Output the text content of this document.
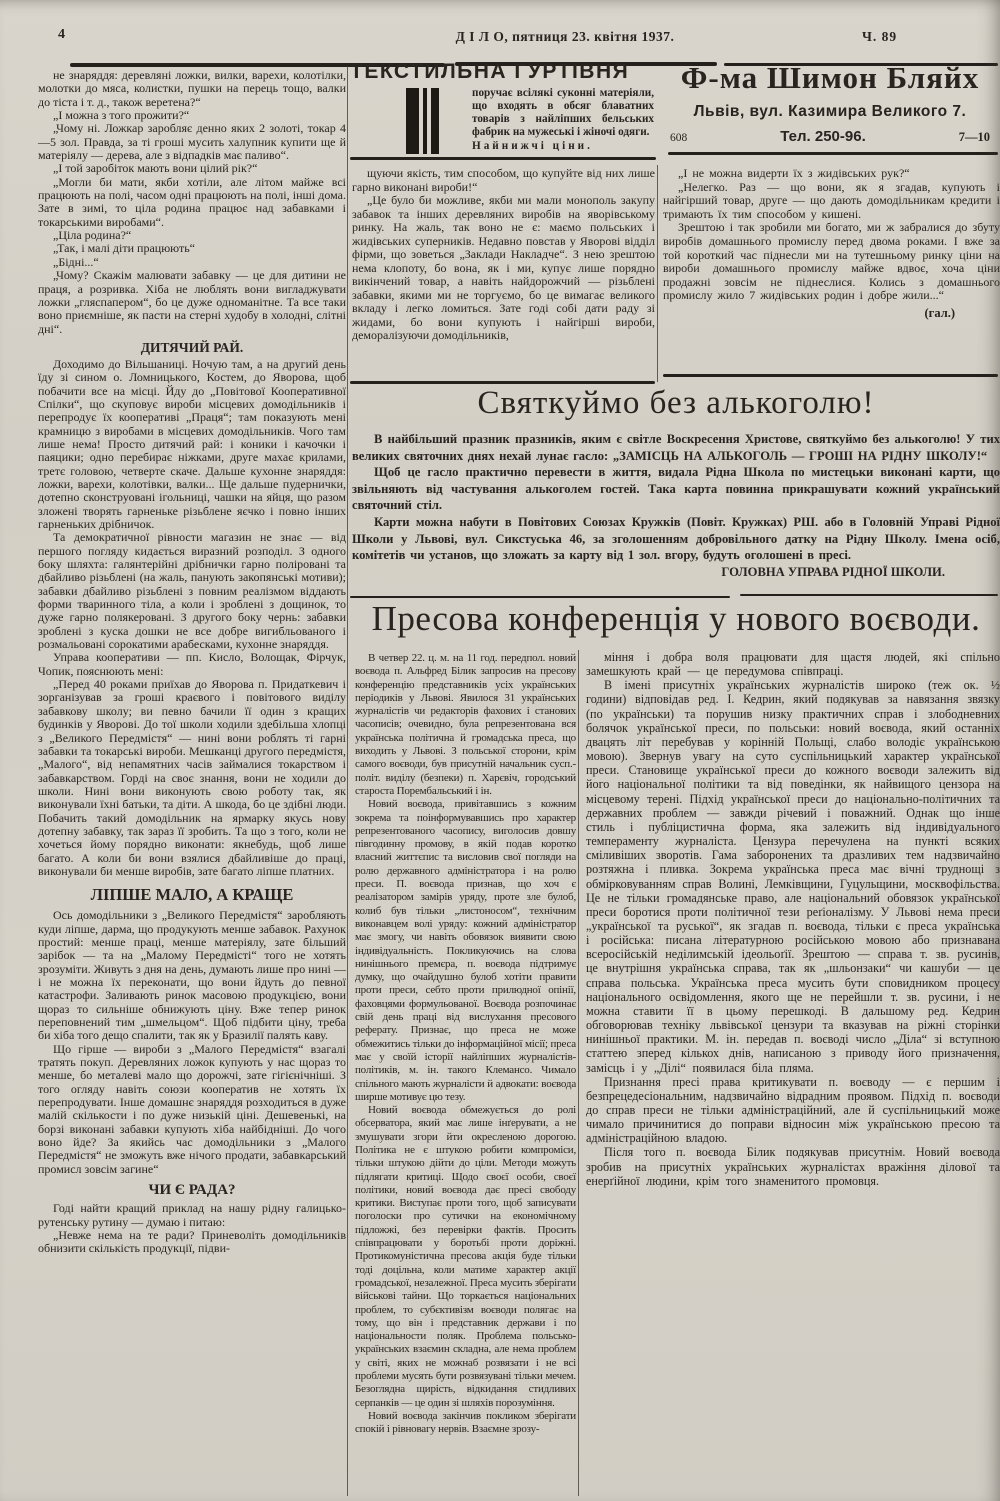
4	Д І Л О, пятниця 23. квітня 1937.	Ч. 89

не знаряддя: деревляні ложки, вилки, варехи, колотілки, молотки до мяса, колистки, пушки на перець тощо, валки до тіста і т. д., також веретена?“

„І можна з того прожити?“

„Чому ні. Ложкар заробляє денно яких 2 золоті, токар 4—5 зол. Правда, за ті гроші мусить халупник купити ще й матеріялу — дерева, але з відпадків має паливо“.

„І той заробіток мають вони цілий рік?“

„Могли би мати, якби хотіли, але літом майже всі працюють на полі, часом одні працюють на полі, інші дома. Зате в зимі, то ціла родина працює над забавками і токарськими виробами“.

„Ціла родина?“

„Так, і малі діти працюють“

„Бідні...“

„Чому? Скажім малювати забавку — це для дитини не праця, а розривка. Хіба не люблять вони вигладжувати ложки „гляспапером“, бо це дуже одноманітне. Та все таки воно приємніше, як пасти на стерні худобу в холодні, слітні дні“.

ДИТЯЧИЙ РАЙ.

Доходимо до Вільшаниці. Ночую там, а на другий день їду зі сином о. Ломницького, Костем, до Яворова, щоб побачити все на місці. Йду до „Повітової Кооперативної Спілки“, що скуповує вироби місцевих домодільників і перепродує їх кооперативі „Праця“; там показують мені крамницю з виробами в місцевих домодільників. Чого там лише нема! Просто дитячий рай: і коники і качочки і паяцики; одно перебирає ніжками, друге махає крилами, третє головою, четверте скаче. Дальше кухонне знаряддя: ложки, варехи, колотівки, валки... Ще дальше пудернички, дотепно сконструовані ігольниці, чашки на яйця, що разом зложені творять гарненьке різьблене яєчко і повно інших гарненьких дрібничок.

Та демократичної рівности магазин не знає — від першого погляду кидається виразний розподіл. З одного боку шляхта: галянтерійні дрібнички гарно поліровані та дбайливо різьблені (на жаль, панують закопянські мотиви); забавки дбайливо різьблені з повним реалізмом віддають форми тваринного тіла, а коли і зроблені з дощинок, то дуже гарно полякеровані. З другого боку чернь: забавки зроблені з куска дошки не все добре вигибльованого і розмальовані сорокатими арабесками, кухонне знаряддя.

Управа кооперативи — пп. Кисло, Волощак, Фірчук, Чопик, пояснюють мені:

„Перед 40 роками приїхав до Яворова п. Придаткевич і зорганізував за гроші краєвого і повітового виділу забавкову школу; ви певно бачили її один з кращих будинків у Яворові. До тої школи ходили здебільша хлопці з „Великого Передмістя“ — нині вони роблять ті гарні забавки та токарські вироби. Мешканці другого передмістя, „Малого“, від непамятних часів займалися токарством і забавкарством. Горді на своє знання, вони не ходили до школи. Нині вони виконують свою роботу так, як виконували їхні батьки, та діти. А шкода, бо це здібні люди. Побачить такий домодільник на ярмарку якусь нову дотепну забавку, так зараз її зробить. Та що з того, коли не хочеться йому порядно виконати: якнебудь, щоб лише багато. А коли би вони взялися дбайливіше до праці, виконували би менше виробів, зате багато ліпше платних.

ЛІПШЕ МАЛО, А КРАЩЕ

Ось домодільники з „Великого Передмістя“ заробляють куди ліпше, дарма, що продукують менше забавок. Рахунок простий: менше праці, менше матеріялу, зате більший зарібок — та на „Малому Передмісті“ того не хотять зрозуміти. Живуть з дня на день, думають лише про нині — і не можна їх переконати, що вони йдуть до певної катастрофи. Заливають ринок масовою продукцією, вони щораз то сильніше обнижують ціну. Вже тепер ринок переповнений тим „шмельцом“. Щоб підбити ціну, треба би хіба того дещо спалити, так як у Бразилії палять каву.

Що гірше — вироби з „Малого Передмістя“ взагалі тратять покуп. Деревляних ложок купують у нас щораз то менше, бо металеві мало що дорожчі, зате гігієнічніші. З того огляду навіть союзи кооператив не хотять їх перепродувати. Інше домашнє знаряддя розходиться в дуже малій скількости і по дуже низькій ціні. Дешевенькі, на борзі виконані забавки купують хіба найбідніші. До чого воно йде? За якийсь час домодільники з „Малого Передмістя“ не зможуть вже нічого продати, забавкарський промисл зовсім загине“

ЧИ Є РАДА?

Годі найти кращий приклад на нашу рідну галицько-рутенську рутину — думаю і питаю:

„Невже нема на те ради? Приневоліть домодільників обнизити скількість продукції, підви-

ТЕКСТИЛЬНА ГУРТІВНЯ
поручає всілякі суконні матеріяли, що входять в обсяг блаватних товарів з найліпших бельських фабрик на мужеські і жіночі одяги.
Найнижчі ціни.
Ф-ма Шимон Бляйх
Львів, вул. Казимира Великого 7.
608	Тел. 250-96.	7—10

щуючи якість, тим способом, що купуйте від них лише гарно виконані вироби!“

„Це було би можливе, якби ми мали монополь закупу забавок та інших деревляних виробів на яворівському ринку. На жаль, так воно не є: маємо польських і жидівських суперників. Недавно повстав у Яворові відділ фірми, що зоветься „Заклади Накладче“. З нею зрештою нема клопоту, бо вона, як і ми, купує лише порядно викінчений товар, а навіть найдорожчий — різьблені забавки, якими ми не торгуємо, бо це вимагає великого вкладу і легко ломиться. Зате годі собі дати раду зі жидами, бо вони купують і найгірші вироби, деморалізуючи домодільників,

„І не можна видерти їх з жидівських рук?“

„Нелегко. Раз — що вони, як я згадав, купують і найгірший товар, друге — що дають домодільникам кредити і тримають їх тим способом у кишені.

Зрештою і так зробили ми богато, ми ж забралися до збуту виробів домашнього промислу перед двома роками. І вже за той короткий час піднесли ми на тутешньому ринку ціни на вироби домашнього промислу майже вдвоє, хоча ціни продажні зовсім не піднеслися. Колись з домашнього промислу жило 7 жидівських родин і добре жили...“

(гал.)
Святкуймо без алькоголю!

В найбільший празник празників, яким є світле Воскресення Христове, святкуймо без алькоголю! У тих великих святочних днях нехай лунає гасло: „ЗАМІСЦЬ НА АЛЬКОГОЛЬ — ГРОШІ НА РІДНУ ШКОЛУ!“

Щоб це гасло практично перевести в життя, видала Рідна Школа по мистецьки виконані карти, що звільняють від частування алькоголем гостей. Така карта повинна прикрашувати кожний український святочний стіл.

Карти можна набути в Повітових Союзах Кружків (Повіт. Кружках) РШ. або в Головній Управі Рідної Школи у Львові, вул. Сикстуська 46, за зголошенням добровільного датку на Рідну Школу. Імена осіб, комітетів чи установ, що зложать за карту від 1 зол. вгору, будуть оголошені в пресі.

ГОЛОВНА УПРАВА РІДНОЇ ШКОЛИ.
Пресова конференція у нового воєводи.

В четвер 22. ц. м. на 11 год. передпол. новий воєвода п. Альфред Білик запросив на пресову конференцію представників усіх українських періодиків у Львові. Явилося 31 українських журналістів чи редакторів фахових і станових часописів; очевидно, була репрезентована вся українська політична й громадська преса, що виходить у Львові. З польської сторони, крім самого воєводи, був присутній начальник сусп.-політ. виділу (безпеки) п. Харєвіч, городський староста Порембальський і ін.

Новий воєвода, привітавшись з кожним зокрема та поінформувавшись про характер репрезентованого часопису, виголосив довшу півгодинну промову, в якій подав коротко власний життєпис та висловив свої погляди на ролю державного адміністратора і на ролю преси. П. воєвода признав, що хоч є реалізатором замірів уряду, проте зле булоб, колиб був тільки „листоносом“, технічним виконавцем волі уряду: кожний адміністратор має змогу, чи навіть обовязок виявити свою індивідуальність. Покликуючись на слова нинішнього премєра, п. воєвода підтримує думку, що очайдушно булоб хотіти правити проти преси, себто проти прилюдної опінії, фаховцями формульованої. Воєвода розпочинає свій день праці від вислухання пресового реферату. Признає, що преса не може обмежитись тільки до інформаційної місії; преса має у своїй історії найліпших журналістів-політиків, м. ін. такого Клемансо. Чимало спільного мають журналісти й адвокати: воєвода ширше мотивує цю тезу.

Новий воєвода обмежується до ролі обсерватора, який має лише інґерувати, а не змушувати згори йти окресленою дорогою. Політика не є штукою робити компроміси, тільки штукою дійти до ціли. Методи можуть підлягати критиці. Щодо своєї особи, своєї політики, новий воєвода дає пресі свободу критики. Виступає проти того, щоб записувати поголоски про сутички на економічному підложжі, без перевірки фактів. Просить співпрацювати у боротьбі проти доріжні. Протикомуністична пресова акція буде тільки тоді доцільна, коли матиме характер акції громадської, незалежної. Преса мусить зберігати військові тайни. Що торкається національних проблем, то субєктивізм воєводи полягає на тому, що він і представник держави і по національности поляк. Проблема польсько-українських взаємин складна, але нема проблем у світі, яких не можнаб розвязати і не всі проблеми мусять бути розвязувані тільки мечем. Безоглядна щирість, відкидання стидливих серпанків — це один зі шляхів порозуміння.

Новий воєвода закінчив покликом зберігати спокій і рівновагу нервів. Взаємне зрозу-

міння і добра воля працювати для щастя людей, які спільно замешкують край — це передумова співпраці.

В імені присутніх українських журналістів широко (теж ок. ½ години) відповідав ред. І. Кедрин, який подякував за навязання звязку (по українськи) та порушив низку практичних справ і злободневних болячок української преси, по польськи: новий воєвода, який останніх двацять літ перебував у корінній Польщі, слабо володіє українською мовою). Звернув увагу на суто суспільницький характер української преси. Становище української преси до кожного воєводи залежить від його національної політики та від поведінки, як найвищого цензора на місцевому терені. Підхід української преси до національно-політичних та державних проблем — завжди річевий і поважний. Однак що інше стиль і публіцистична форма, яка залежить від індивідуального темпераменту журналіста. Цензура перечулена на пункті всяких сміливіших зворотів. Гама заборонених та дразливих тем надзвичайно розтяжна і пливка. Зокрема українська преса має вічні труднощі з обмірковуванням справ Волині, Лемківщини, Гуцульщини, москвофільства. Це не тільки громадянське право, але національний обовязок української преси боротися проти політичної тези реґіоналізму. У Львові нема преси „української та руської“, як згадав п. воєвода, тільки є преса українська і російська: писана літературною російською мовою або признавана всеросійській неділимській ідеольоґії. Зрештою — справа т. зв. русинів, це внутрішня українська справа, так як „шльонзаки“ чи кашуби — це справа польська. Українська преса мусить бути сповидником процесу національного освідомлення, якого ще не перейшли т. зв. русини, і не можна ставити її в цьому перешкоді. В дальшому ред. Кедрин обговорював техніку львівської цензури та вказував на ріжні сторінки нинішньої практики. М. ін. передав п. воєводі число „Діла“ зі вступною статтею зперед кількох днів, написаною з приводу його призначення, замісць і у „Ділі“ появилася біла пляма.

Признання пресі права критикувати п. воєводу — є першим і безпрецедесіональним, надзвичайно відрадним проявом. Підхід п. воєводи до справ преси не тільки адміністраційний, але й суспільницький може чимало причинитися до поправи відносин між українською пресою та адміністраційною владою.

Після того п. воєвода Білик подякував присутнім. Новий воєвода зробив на присутніх українських журналістах вражіння ділової та енерґійної людини, крім того знаменитого промовця.
